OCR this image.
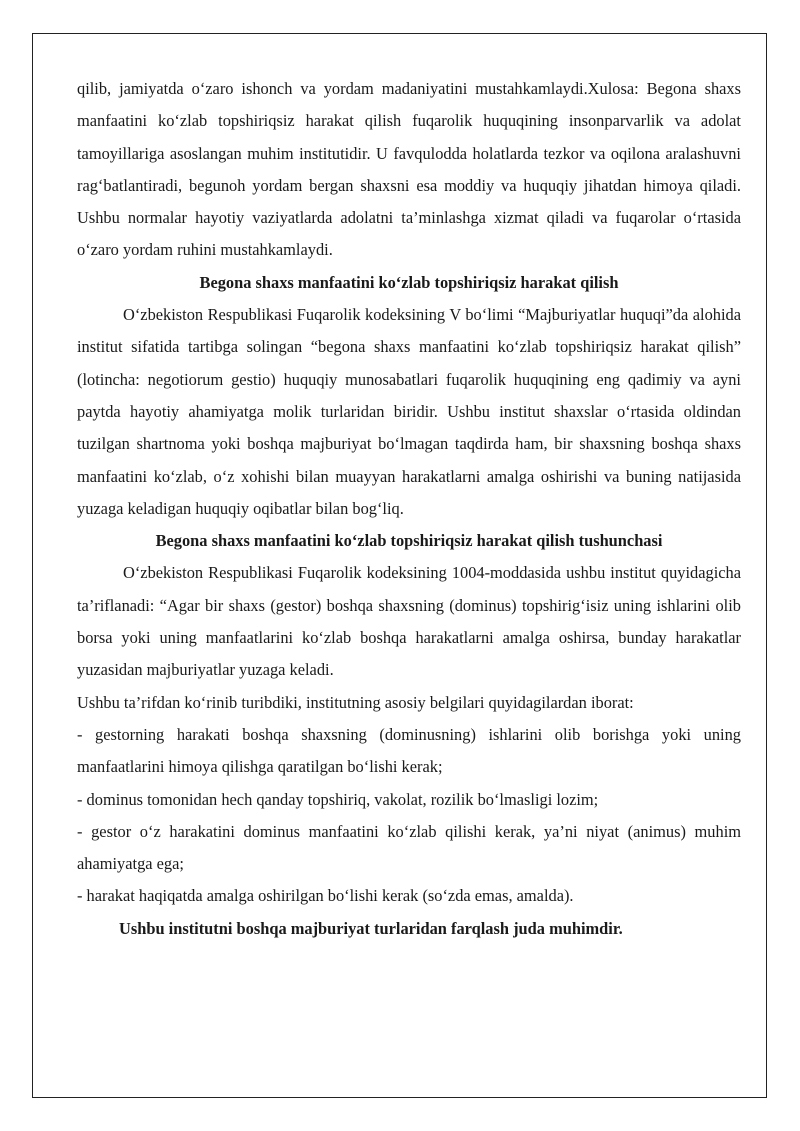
qilib, jamiyatda o‘zaro ishonch va yordam madaniyatini mustahkamlaydi.Xulosa: Begona shaxs manfaatini ko‘zlab topshiriqsiz harakat qilish fuqarolik huquqining insonparvarlik va adolat tamoyillariga asoslangan muhim institutidir. U favqulodda holatlarda tezkor va oqilona aralashuvni rag‘batlantiradi, begunoh yordam bergan shaxsni esa moddiy va huquqiy jihatdan himoya qiladi. Ushbu normalar hayotiy vaziyatlarda adolatni ta’minlashga xizmat qiladi va fuqarolar o‘rtasida o‘zaro yordam ruhini mustahkamlaydi.

Begona shaxs manfaatini ko‘zlab topshiriqsiz harakat qilish

O‘zbekiston Respublikasi Fuqarolik kodeksining V bo‘limi “Majburiyatlar huquqi”da alohida institut sifatida tartibga solingan “begona shaxs manfaatini ko‘zlab topshiriqsiz harakat qilish” (lotincha: negotiorum gestio) huquqiy munosabatlari fuqarolik huquqining eng qadimiy va ayni paytda hayotiy ahamiyatga molik turlaridan biridir. Ushbu institut shaxslar o‘rtasida oldindan tuzilgan shartnoma yoki boshqa majburiyat bo‘lmagan taqdirda ham, bir shaxsning boshqa shaxs manfaatini ko‘zlab, o‘z xohishi bilan muayyan harakatlarni amalga oshirishi va buning natijasida yuzaga keladigan huquqiy oqibatlar bilan bog‘liq.

Begona shaxs manfaatini ko‘zlab topshiriqsiz harakat qilish tushunchasi

O‘zbekiston Respublikasi Fuqarolik kodeksining 1004-moddasida ushbu institut quyidagicha ta’riflanadi: “Agar bir shaxs (gestor) boshqa shaxsning (dominus) topshirig‘isiz uning ishlarini olib borsa yoki uning manfaatlarini ko‘zlab boshqa harakatlarni amalga oshirsa, bunday harakatlar yuzasidan majburiyatlar yuzaga keladi.

Ushbu ta’rifdan ko‘rinib turibdiki, institutning asosiy belgilari quyidagilardan iborat:

- gestorning harakati boshqa shaxsning (dominusning) ishlarini olib borishga yoki uning manfaatlarini himoya qilishga qaratilgan bo‘lishi kerak;

- dominus tomonidan hech qanday topshiriq, vakolat, rozilik bo‘lmasligi lozim;

- gestor o‘z harakatini dominus manfaatini ko‘zlab qilishi kerak, ya’ni niyat (animus) muhim ahamiyatga ega;

- harakat haqiqatda amalga oshirilgan bo‘lishi kerak (so‘zda emas, amalda).

Ushbu institutni boshqa majburiyat turlaridan farqlash juda muhimdir.
